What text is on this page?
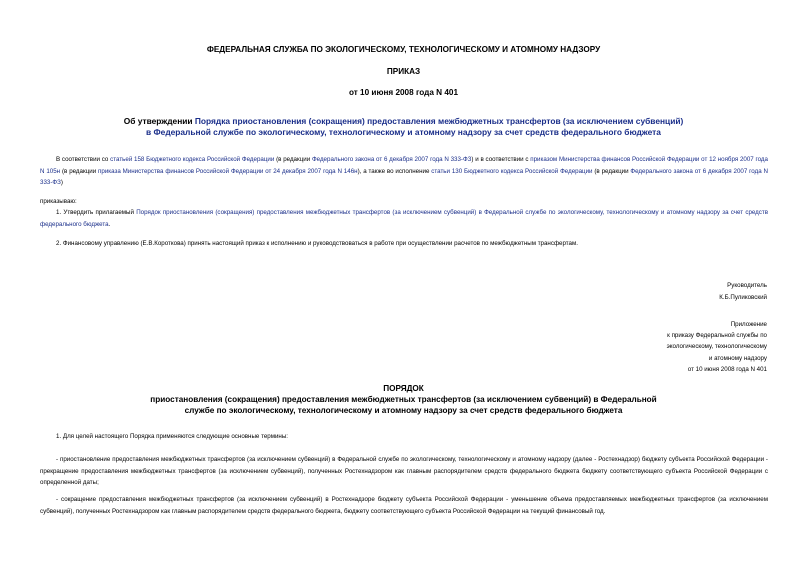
ФЕДЕРАЛЬНАЯ СЛУЖБА ПО ЭКОЛОГИЧЕСКОМУ, ТЕХНОЛОГИЧЕСКОМУ И АТОМНОМУ НАДЗОРУ
ПРИКАЗ
от 10 июня 2008 года N 401
Об утверждении Порядка приостановления (сокращения) предоставления межбюджетных трансфертов (за исключением субвенций)
в Федеральной службе по экологическому, технологическому и атомному надзору за счет средств федерального бюджета
В соответствии со статьей 158 Бюджетного кодекса Российской Федерации (в редакции Федерального закона от 6 декабря 2007 года N 333-ФЗ) и в соответствии с приказом Министерства финансов Российской Федерации от 12 ноября 2007 года N 105н (в редакции приказа Министерства финансов Российской Федерации от 24 декабря 2007 года N 146н), а также во исполнение статьи 130 Бюджетного кодекса Российской Федерации (в редакции Федерального закона от 6 декабря 2007 года N 333-ФЗ)
приказываю:
1. Утвердить прилагаемый Порядок приостановления (сокращения) предоставления межбюджетных трансфертов (за исключением субвенций) в Федеральной службе по экологическому, технологическому и атомному надзору за счет средств федерального бюджета.
2. Финансовому управлению (Е.В.Короткова) принять настоящий приказ к исполнению и руководствоваться в работе при осуществлении расчетов по межбюджетным трансфертам.
Руководитель
К.Б.Пуликовский
Приложение
к приказу Федеральной службы по
экологическому, технологическому
и атомному надзору
от 10 июня 2008 года N 401
ПОРЯДОК
приостановления (сокращения) предоставления межбюджетных трансфертов (за исключением субвенций) в Федеральной
службе по экологическому, технологическому и атомному надзору за счет средств федерального бюджета
1. Для целей настоящего Порядка применяются следующие основные термины:
- приостановление предоставления межбюджетных трансфертов (за исключением субвенций) в Федеральной службе по экологическому, технологическому и атомному надзору (далее - Ростехнадзор) бюджету субъекта Российской Федерации - прекращение предоставления межбюджетных трансфертов (за исключением субвенций), полученных Ростехнадзором как главным распорядителем средств федерального бюджета бюджету соответствующего субъекта Российской Федерации с определенной даты;
- сокращение предоставления межбюджетных трансфертов (за исключением субвенций) в Ростехнадзоре бюджету субъекта Российской Федерации - уменьшение объема предоставляемых межбюджетных трансфертов (за исключением субвенций), полученных Ростехнадзором как главным распорядителем средств федерального бюджета, бюджету соответствующего субъекта Российской Федерации на текущий финансовый год.
